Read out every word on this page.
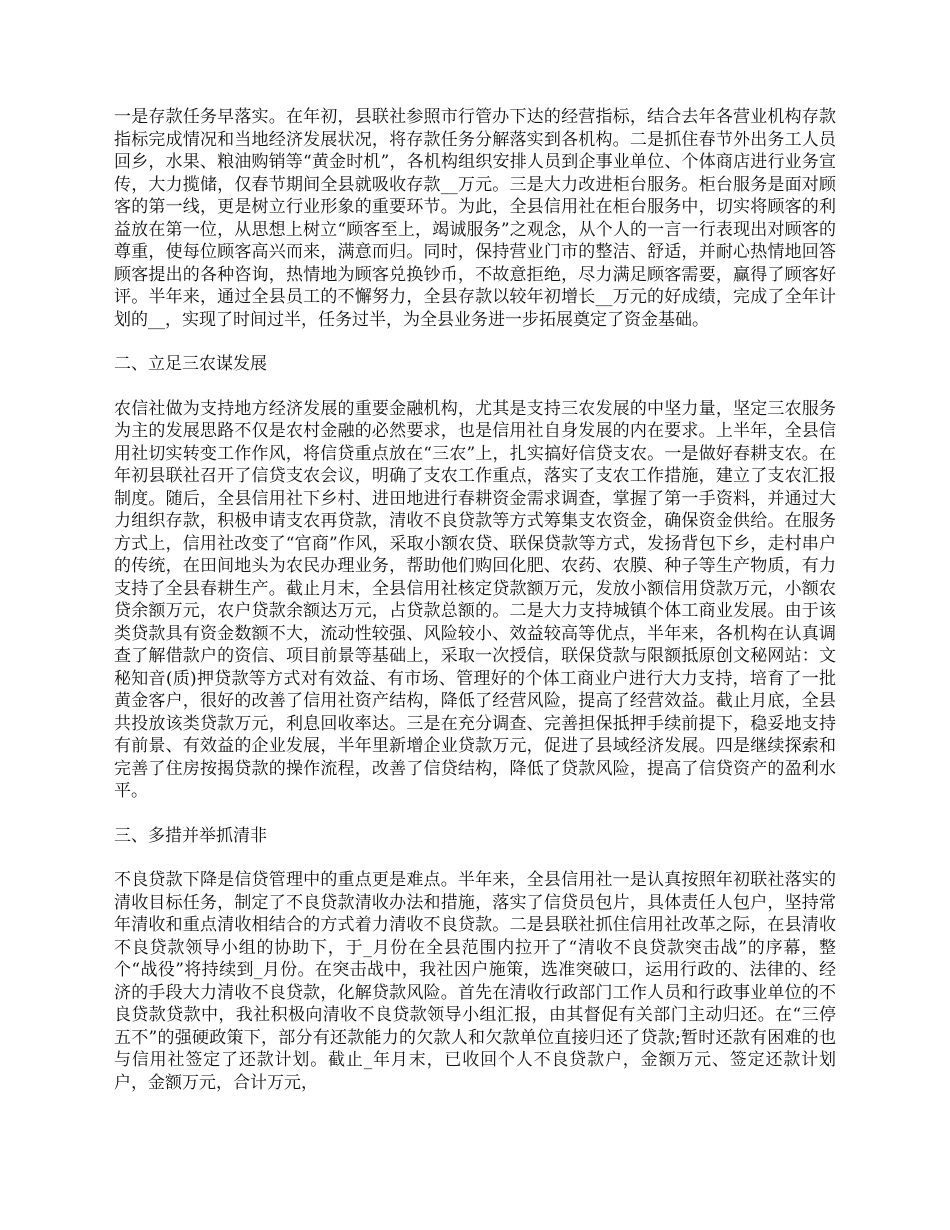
一是存款任务早落实。在年初，县联社参照市行管办下达的经营指标，结合去年各营业机构存款指标完成情况和当地经济发展状况，将存款任务分解落实到各机构。二是抓住春节外出务工人员回乡，水果、粮油购销等“黄金时机”，各机构组织安排人员到企事业单位、个体商店进行业务宣传，大力揽储，仅春节期间全县就吸收存款__万元。三是大力改进柜台服务。柜台服务是面对顾客的第一线，更是树立行业形象的重要环节。为此，全县信用社在柜台服务中，切实将顾客的利益放在第一位，从思想上树立“顾客至上，竭诚服务”之观念，从个人的一言一行表现出对顾客的尊重，使每位顾客高兴而来，满意而归。同时，保持营业门市的整洁、舒适，并耐心热情地回答顾客提出的各种咨询，热情地为顾客兑换钞币，不故意拒绝，尽力满足顾客需要，赢得了顾客好评。半年来，通过全县员工的不懈努力，全县存款以较年初增长__万元的好成绩，完成了全年计划的__，实现了时间过半，任务过半，为全县业务进一步拓展奠定了资金基础。

二、立足三农谋发展

农信社做为支持地方经济发展的重要金融机构，尤其是支持三农发展的中坚力量，坚定三农服务为主的发展思路不仅是农村金融的必然要求，也是信用社自身发展的内在要求。上半年，全县信用社切实转变工作作风，将信贷重点放在“三农”上，扎实搞好信贷支农。一是做好春耕支农。在年初县联社召开了信贷支农会议，明确了支农工作重点，落实了支农工作措施，建立了支农汇报制度。随后，全县信用社下乡村、进田地进行春耕资金需求调查，掌握了第一手资料，并通过大力组织存款，积极申请支农再贷款，清收不良贷款等方式筹集支农资金，确保资金供给。在服务方式上，信用社改变了“官商”作风，采取小额农贷、联保贷款等方式，发扬背包下乡，走村串户的传统，在田间地头为农民办理业务，帮助他们购回化肥、农药、农膜、种子等生产物质，有力支持了全县春耕生产。截止月末，全县信用社核定贷款额万元，发放小额信用贷款万元，小额农贷余额万元，农户贷款余额达万元，占贷款总额的。二是大力支持城镇个体工商业发展。由于该类贷款具有资金数额不大，流动性较强、风险较小、效益较高等优点，半年来，各机构在认真调查了解借款户的资信、项目前景等基础上，采取一次授信，联保贷款与限额抵原创文秘网站：文秘知音(质)押贷款等方式对有效益、有市场、管理好的个体工商业户进行大力支持，培育了一批黄金客户，很好的改善了信用社资产结构，降低了经营风险，提高了经营效益。截止月底，全县共投放该类贷款万元，利息回收率达。三是在充分调查、完善担保抵押手续前提下，稳妥地支持有前景、有效益的企业发展，半年里新增企业贷款万元，促进了县域经济发展。四是继续探索和完善了住房按揭贷款的操作流程，改善了信贷结构，降低了贷款风险，提高了信贷资产的盈利水平。

三、多措并举抓清非

不良贷款下降是信贷管理中的重点更是难点。半年来，全县信用社一是认真按照年初联社落实的清收目标任务，制定了不良贷款清收办法和措施，落实了信贷员包片，具体责任人包户，坚持常年清收和重点清收相结合的方式着力清收不良贷款。二是县联社抓住信用社改革之际，在县清收不良贷款领导小组的协助下，于_月份在全县范围内拉开了“清收不良贷款突击战”的序幕，整个“战役”将持续到_月份。在突击战中，我社因户施策，选准突破口，运用行政的、法律的、经济的手段大力清收不良贷款，化解贷款风险。首先在清收行政部门工作人员和行政事业单位的不良贷款贷款中，我社积极向清收不良贷款领导小组汇报，由其督促有关部门主动归还。在“三停五不”的强硬政策下，部分有还款能力的欠款人和欠款单位直接归还了贷款;暂时还款有困难的也与信用社签定了还款计划。截止_年月末，已收回个人不良贷款户，金额万元、签定还款计划户，金额万元，合计万元，
